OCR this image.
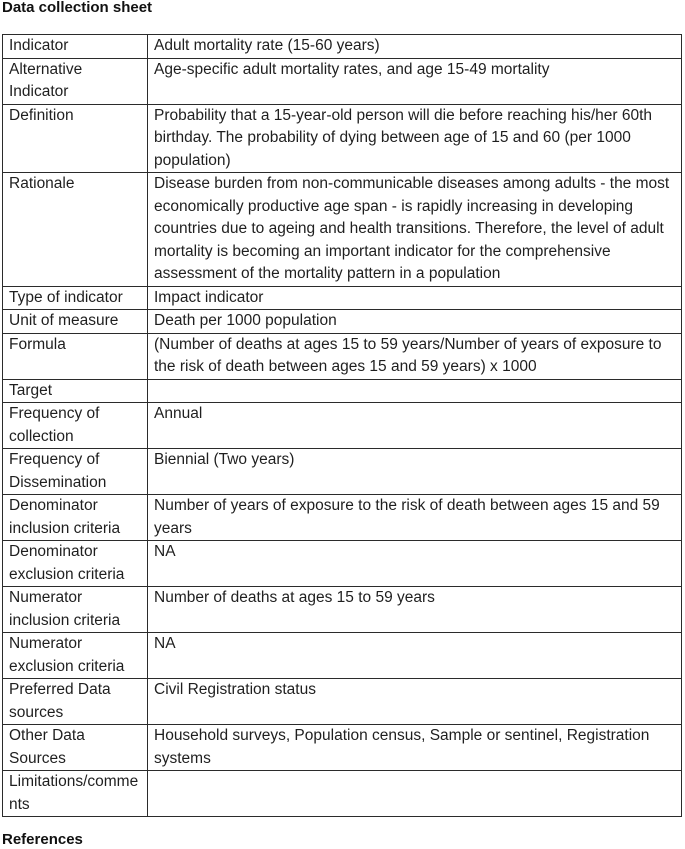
Data collection sheet
Indicator	Adult mortality rate (15-60 years)
Alternative Indicator	Age-specific adult mortality rates, and age 15-49 mortality
Definition	Probability that a 15-year-old person will die before reaching his/her 60th birthday. The probability of dying between age of 15 and 60 (per 1000 population)
Rationale	Disease burden from non-communicable diseases among adults - the most economically productive age span - is rapidly increasing in developing countries due to ageing and health transitions. Therefore, the level of adult mortality is becoming an important indicator for the comprehensive assessment of the mortality pattern in a population
Type of indicator	Impact indicator
Unit of measure	Death per 1000 population
Formula	(Number of deaths at ages 15 to 59 years/Number of years of exposure to the risk of death between ages 15 and 59 years) x 1000
Target	
Frequency of collection	Annual
Frequency of Dissemination	Biennial (Two years)
Denominator inclusion criteria	Number of years of exposure to the risk of death between ages 15 and 59 years
Denominator exclusion criteria	NA
Numerator inclusion criteria	Number of deaths at ages 15 to 59 years
Numerator exclusion criteria	NA
Preferred Data sources	Civil Registration status
Other Data Sources	Household surveys, Population census, Sample or sentinel, Registration systems
Limitations/comments	
References
